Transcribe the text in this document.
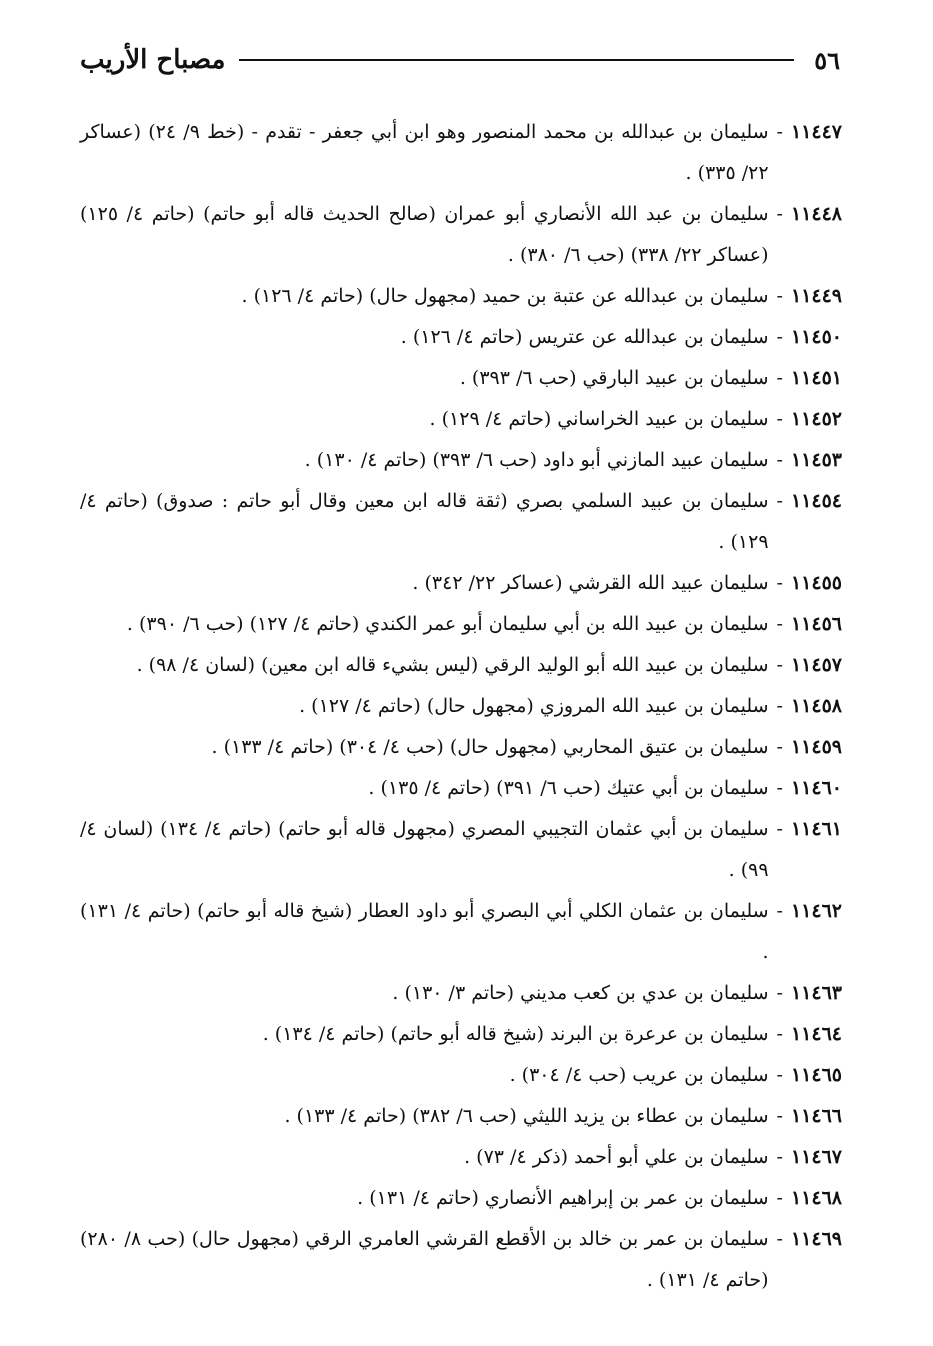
٥٦
مصباح الأريب
١١٤٤٧
-
سليمان بن عبدالله بن محمد المنصور وهو ابن أبي جعفر - تقدم - (خط ٩/ ٢٤) (عساكر ٢٢/ ٣٣٥) .
١١٤٤٨
-
سليمان بن عبد الله الأنصاري أبو عمران (صالح الحديث قاله أبو حاتم) (حاتم ٤/ ١٢٥) (عساكر ٢٢/ ٣٣٨) (حب ٦/ ٣٨٠) .
١١٤٤٩
-
سليمان بن عبدالله عن عتبة بن حميد (مجهول حال) (حاتم ٤/ ١٢٦) .
١١٤٥٠
-
سليمان بن عبدالله عن عتريس (حاتم ٤/ ١٢٦) .
١١٤٥١
-
سليمان بن عبيد البارقي (حب ٦/ ٣٩٣) .
١١٤٥٢
-
سليمان بن عبيد الخراساني (حاتم ٤/ ١٢٩) .
١١٤٥٣
-
سليمان عبيد المازني أبو داود (حب ٦/ ٣٩٣) (حاتم ٤/ ١٣٠) .
١١٤٥٤
-
سليمان بن عبيد السلمي بصري (ثقة قاله ابن معين وقال أبو حاتم : صدوق) (حاتم ٤/ ١٢٩) .
١١٤٥٥
-
سليمان عبيد الله القرشي (عساكر ٢٢/ ٣٤٢) .
١١٤٥٦
-
سليمان بن عبيد الله بن أبي سليمان أبو عمر الكندي (حاتم ٤/ ١٢٧) (حب ٦/ ٣٩٠) .
١١٤٥٧
-
سليمان بن عبيد الله أبو الوليد الرقي (ليس بشيء قاله ابن معين) (لسان ٤/ ٩٨) .
١١٤٥٨
-
سليمان بن عبيد الله المروزي (مجهول حال) (حاتم ٤/ ١٢٧) .
١١٤٥٩
-
سليمان بن عتيق المحاربي (مجهول حال) (حب ٤/ ٣٠٤) (حاتم ٤/ ١٣٣) .
١١٤٦٠
-
سليمان بن أبي عتيك (حب ٦/ ٣٩١) (حاتم ٤/ ١٣٥) .
١١٤٦١
-
سليمان بن أبي عثمان التجيبي المصري (مجهول قاله أبو حاتم) (حاتم ٤/ ١٣٤) (لسان ٤/ ٩٩) .
١١٤٦٢
-
سليمان بن عثمان الكلي أبي البصري أبو داود العطار (شيخ قاله أبو حاتم) (حاتم ٤/ ١٣١) .
١١٤٦٣
-
سليمان بن عدي بن كعب مديني (حاتم ٣/ ١٣٠) .
١١٤٦٤
-
سليمان بن عرعرة بن البرند (شيخ قاله أبو حاتم) (حاتم ٤/ ١٣٤) .
١١٤٦٥
-
سليمان بن عريب (حب ٤/ ٣٠٤) .
١١٤٦٦
-
سليمان بن عطاء بن يزيد الليثي (حب ٦/ ٣٨٢) (حاتم ٤/ ١٣٣) .
١١٤٦٧
-
سليمان بن علي أبو أحمد (ذكر ٤/ ٧٣) .
١١٤٦٨
-
سليمان بن عمر بن إبراهيم الأنصاري (حاتم ٤/ ١٣١) .
١١٤٦٩
-
سليمان بن عمر بن خالد بن الأقطع القرشي العامري الرقي (مجهول حال) (حب ٨/ ٢٨٠) (حاتم ٤/ ١٣١) .
